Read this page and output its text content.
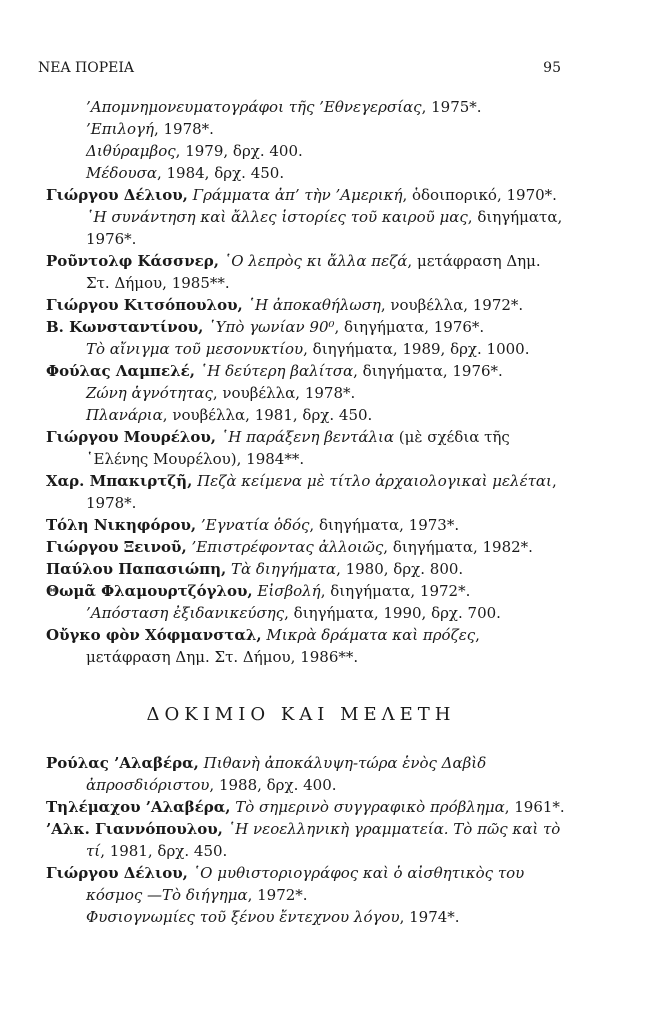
ΝΕΑ ΠΟΡΕΙΑ	95

’Απομνημονευματογράφοι τῆς ’Εθνεγερσίας, 1975*.

’Επιλογή, 1978*.

Διθύραμβος, 1979, δρχ. 400.

Μέδουσα, 1984, δρχ. 450.

Γιώργου Δέλιου, Γράμματα ἀπ’ τὴν ’Αμερική, ὁδοιπορικό, 1970*.

῾Η συνάντηση καὶ ἄλλες ἱστορίες τοῦ καιροῦ μας, διηγήματα, 1976*.

Ροῦντολφ Κάσσνερ, ῾Ο λεπρὸς κι ἄλλα πεζά, μετάφραση Δημ. Στ. Δήμου, 1985**.

Γιώργου Κιτσόπουλου, ῾Η ἀποκαθήλωση, νουβέλλα, 1972*.

Β. Κωνσταντίνου, ῾Υπὸ γωνίαν 90⁰, διηγήματα, 1976*.

Τὸ αἴνιγμα τοῦ μεσονυκτίου, διηγήματα, 1989, δρχ. 1000.

Φούλας Λαμπελέ, ῾Η δεύτερη βαλίτσα, διηγήματα, 1976*.

Ζώνη ἁγνότητας, νουβέλλα, 1978*.

Πλανάρια, νουβέλλα, 1981, δρχ. 450.

Γιώργου Μουρέλου, ῾Η παράξενη βεντάλια (μὲ σχέδια τῆς ῾Ελένης Μουρέλου), 1984**.

Χαρ. Μπακιρτζῆ, Πεζὰ κείμενα μὲ τίτλο ἀρχαιολογικαὶ μελέται, 1978*.

Τόλη Νικηφόρου, ’Εγνατία ὁδός, διηγήματα, 1973*.

Γιώργου Ξεινοῦ, ’Επιστρέφοντας ἀλλοιῶς, διηγήματα, 1982*.

Παύλου Παπασιώπη, Τὰ διηγήματα, 1980, δρχ. 800.

Θωμᾶ Φλαμουρτζόγλου, Εἰσβολή, διηγήματα, 1972*.

’Απόσταση ἐξιδανικεύσης, διηγήματα, 1990, δρχ. 700.

Οὔγκο φὸν Χόφμανσταλ, Μικρὰ δράματα καὶ πρόζες, μετάφραση Δημ. Στ. Δήμου, 1986**.

ΔΟΚΙΜΙΟ ΚΑΙ ΜΕΛΕΤΗ

Ρούλας ’Αλαβέρα, Πιθανὴ ἀποκάλυψη-τώρα ἑνὸς Δαβὶδ ἀπροσδιόριστου, 1988, δρχ. 400.

Τηλέμαχου ’Αλαβέρα, Τὸ σημερινὸ συγγραφικὸ πρόβλημα, 1961*.

’Αλκ. Γιαννόπουλου, ῾Η νεοελληνικὴ γραμματεία. Τὸ πῶς καὶ τὸ τί, 1981, δρχ. 450.

Γιώργου Δέλιου, ῾Ο μυθιστοριογράφος καὶ ὁ αἰσθητικὸς του κόσμος —Τὸ διήγημα, 1972*.

Φυσιογνωμίες τοῦ ξένου ἔντεχνου λόγου, 1974*.
